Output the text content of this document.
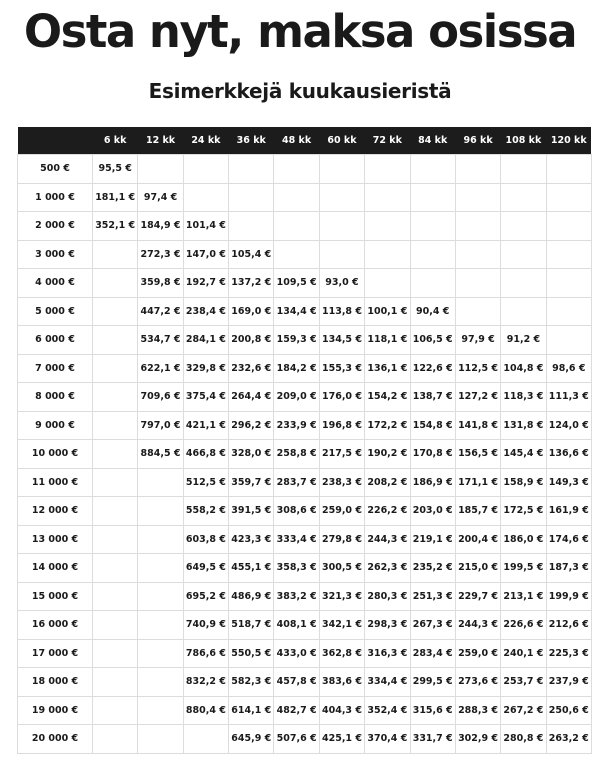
Osta nyt, maksa osissa
Esimerkkejä kuukausieristä
	6 kk	12 kk	24 kk	36 kk	48 kk	60 kk	72 kk	84 kk	96 kk	108 kk	120 kk
500 €	95,5 €										
1 000 €	181,1 €	97,4 €									
2 000 €	352,1 €	184,9 €	101,4 €								
3 000 €		272,3 €	147,0 €	105,4 €							
4 000 €		359,8 €	192,7 €	137,2 €	109,5 €	93,0 €					
5 000 €		447,2 €	238,4 €	169,0 €	134,4 €	113,8 €	100,1 €	90,4 €			
6 000 €		534,7 €	284,1 €	200,8 €	159,3 €	134,5 €	118,1 €	106,5 €	97,9 €	91,2 €	
7 000 €		622,1 €	329,8 €	232,6 €	184,2 €	155,3 €	136,1 €	122,6 €	112,5 €	104,8 €	98,6 €
8 000 €		709,6 €	375,4 €	264,4 €	209,0 €	176,0 €	154,2 €	138,7 €	127,2 €	118,3 €	111,3 €
9 000 €		797,0 €	421,1 €	296,2 €	233,9 €	196,8 €	172,2 €	154,8 €	141,8 €	131,8 €	124,0 €
10 000 €		884,5 €	466,8 €	328,0 €	258,8 €	217,5 €	190,2 €	170,8 €	156,5 €	145,4 €	136,6 €
11 000 €			512,5 €	359,7 €	283,7 €	238,3 €	208,2 €	186,9 €	171,1 €	158,9 €	149,3 €
12 000 €			558,2 €	391,5 €	308,6 €	259,0 €	226,2 €	203,0 €	185,7 €	172,5 €	161,9 €
13 000 €			603,8 €	423,3 €	333,4 €	279,8 €	244,3 €	219,1 €	200,4 €	186,0 €	174,6 €
14 000 €			649,5 €	455,1 €	358,3 €	300,5 €	262,3 €	235,2 €	215,0 €	199,5 €	187,3 €
15 000 €			695,2 €	486,9 €	383,2 €	321,3 €	280,3 €	251,3 €	229,7 €	213,1 €	199,9 €
16 000 €			740,9 €	518,7 €	408,1 €	342,1 €	298,3 €	267,3 €	244,3 €	226,6 €	212,6 €
17 000 €			786,6 €	550,5 €	433,0 €	362,8 €	316,3 €	283,4 €	259,0 €	240,1 €	225,3 €
18 000 €			832,2 €	582,3 €	457,8 €	383,6 €	334,4 €	299,5 €	273,6 €	253,7 €	237,9 €
19 000 €			880,4 €	614,1 €	482,7 €	404,3 €	352,4 €	315,6 €	288,3 €	267,2 €	250,6 €
20 000 €				645,9 €	507,6 €	425,1 €	370,4 €	331,7 €	302,9 €	280,8 €	263,2 €
